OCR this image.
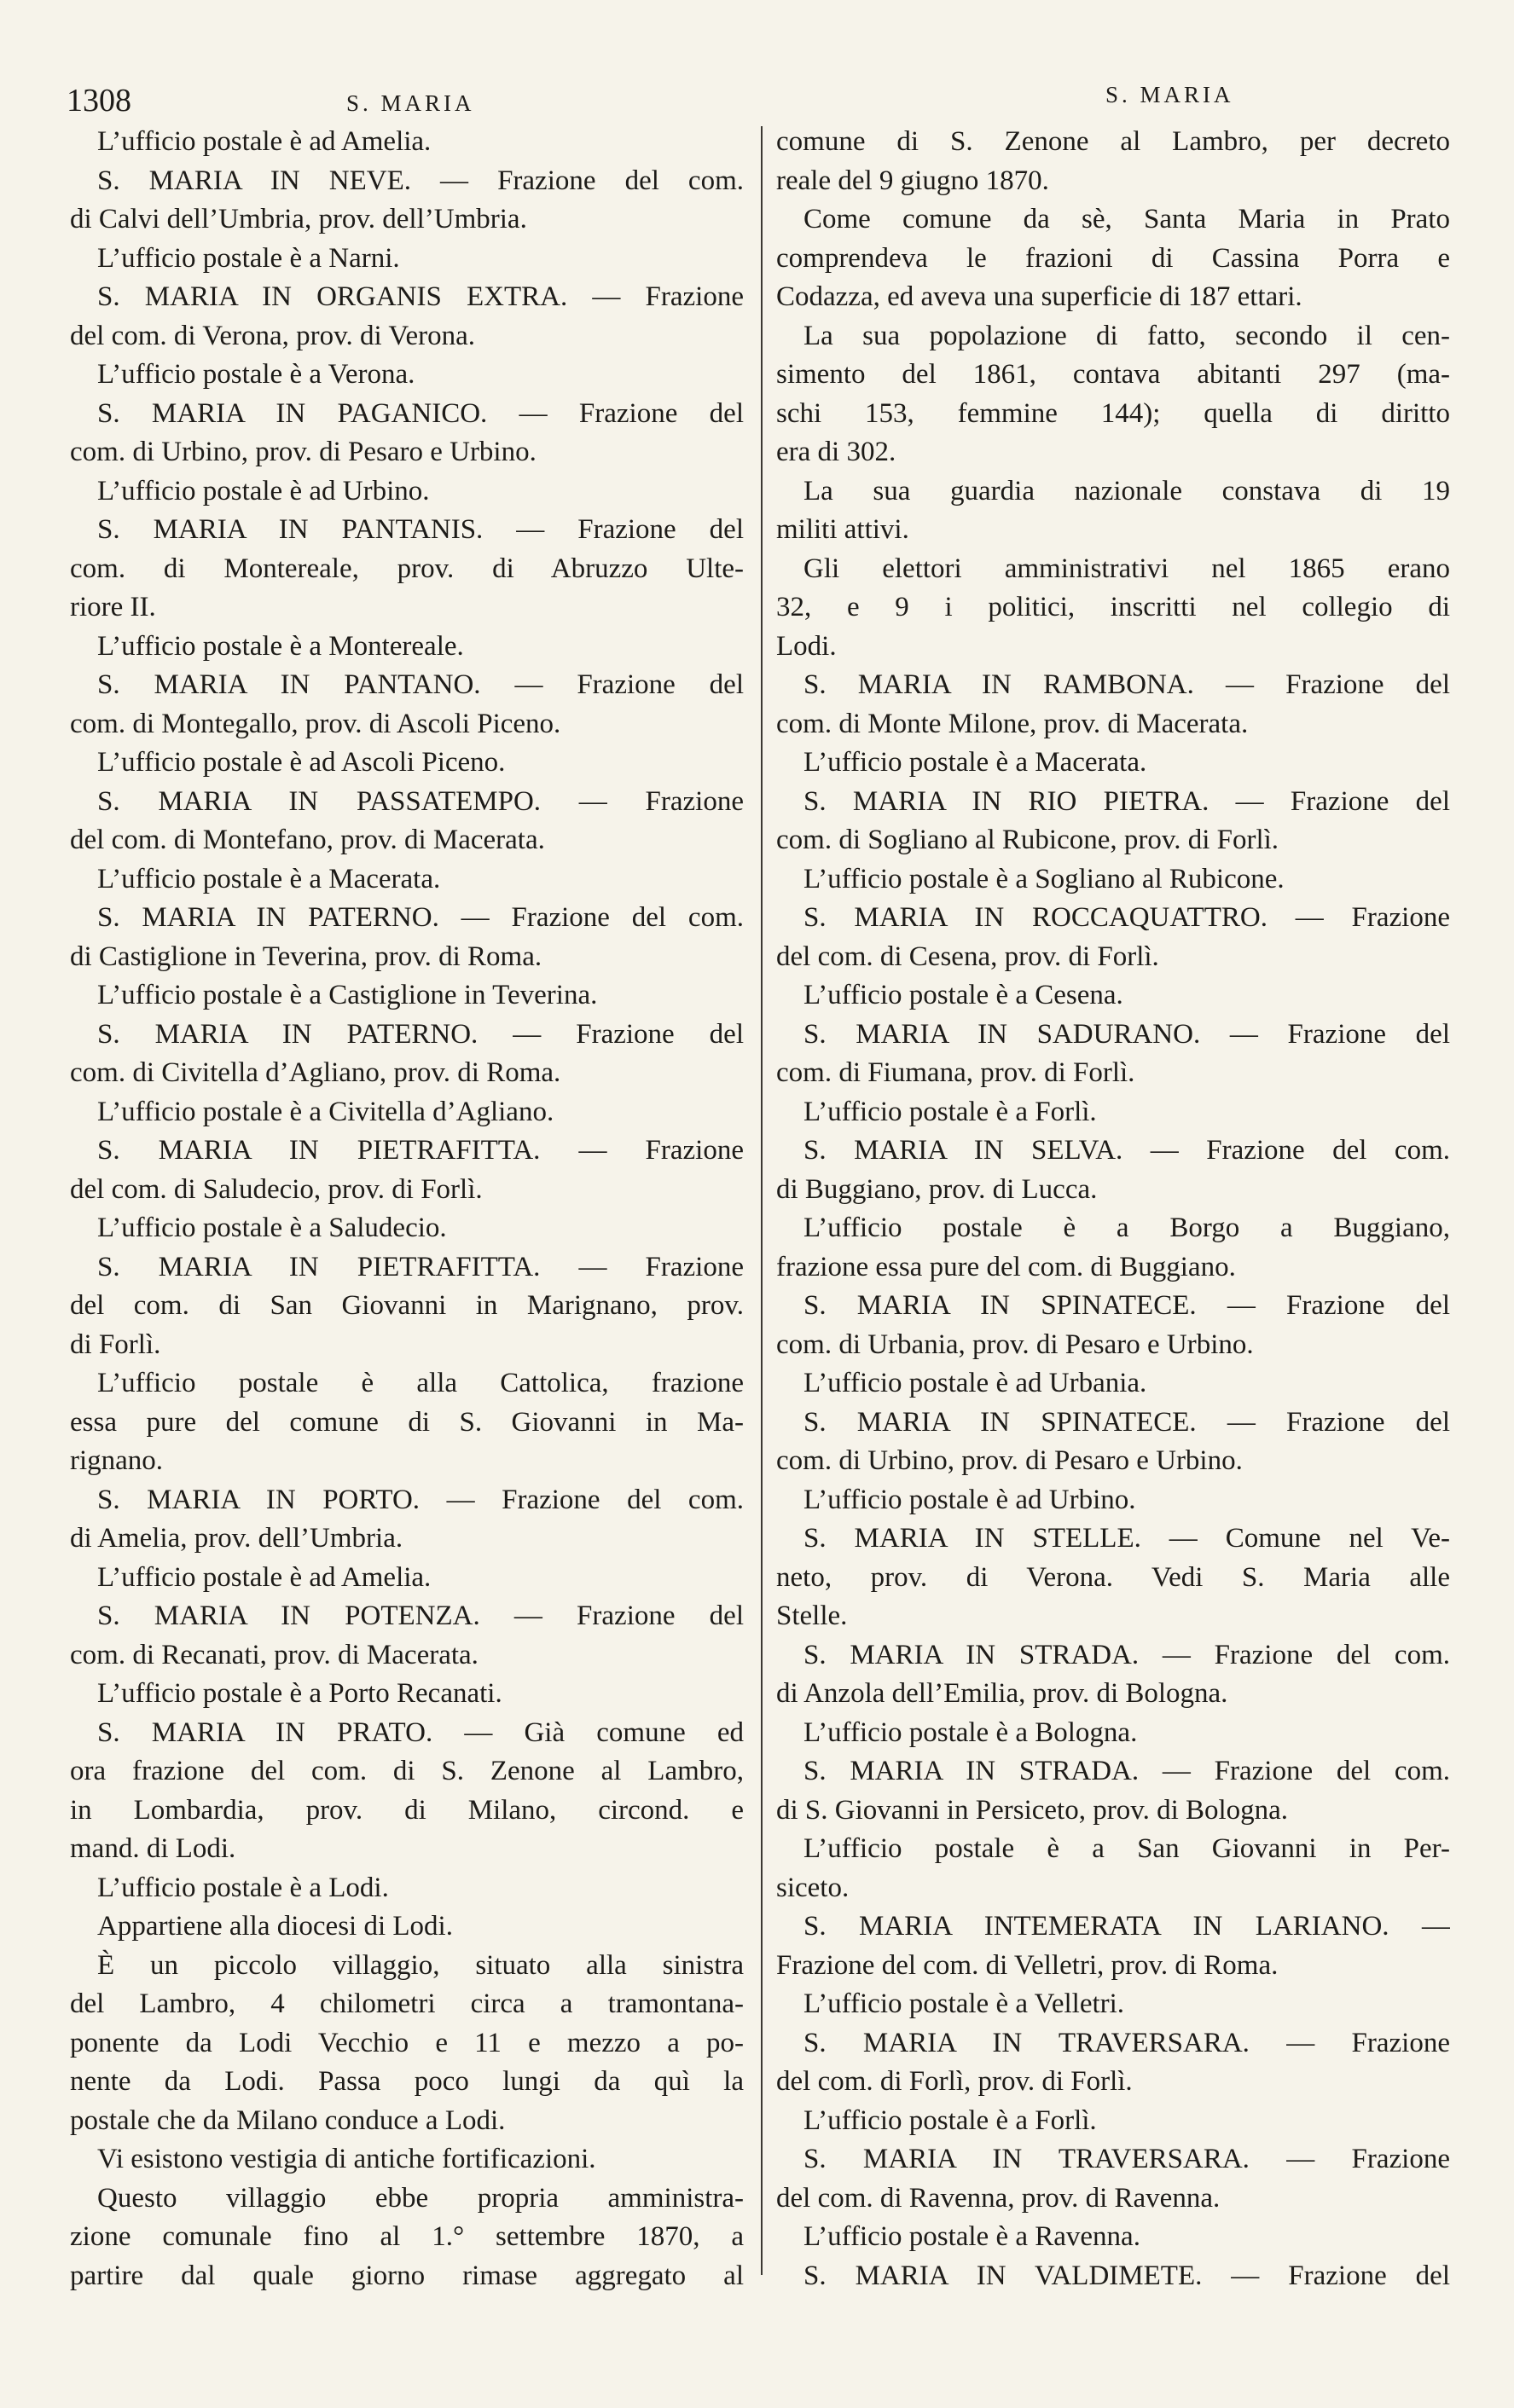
1308	S. MARIA	S. MARIA
L’ufficio postale è ad Amelia.
S. MARIA IN NEVE. — Frazione del com.
di Calvi dell’Umbria, prov. dell’Umbria.
L’ufficio postale è a Narni.
S. MARIA IN ORGANIS EXTRA. — Frazione
del com. di Verona, prov. di Verona.
L’ufficio postale è a Verona.
S. MARIA IN PAGANICO. — Frazione del
com. di Urbino, prov. di Pesaro e Urbino.
L’ufficio postale è ad Urbino.
S. MARIA IN PANTANIS. — Frazione del
com. di Montereale, prov. di Abruzzo Ulte-
riore II.
L’ufficio postale è a Montereale.
S. MARIA IN PANTANO. — Frazione del
com. di Montegallo, prov. di Ascoli Piceno.
L’ufficio postale è ad Ascoli Piceno.
S. MARIA IN PASSATEMPO. — Frazione
del com. di Montefano, prov. di Macerata.
L’ufficio postale è a Macerata.
S. MARIA IN PATERNO. — Frazione del com.
di Castiglione in Teverina, prov. di Roma.
L’ufficio postale è a Castiglione in Teverina.
S. MARIA IN PATERNO. — Frazione del
com. di Civitella d’Agliano, prov. di Roma.
L’ufficio postale è a Civitella d’Agliano.
S. MARIA IN PIETRAFITTA. — Frazione
del com. di Saludecio, prov. di Forlì.
L’ufficio postale è a Saludecio.
S. MARIA IN PIETRAFITTA. — Frazione
del com. di San Giovanni in Marignano, prov.
di Forlì.
L’ufficio postale è alla Cattolica, frazione
essa pure del comune di S. Giovanni in Ma-
rignano.
S. MARIA IN PORTO. — Frazione del com.
di Amelia, prov. dell’Umbria.
L’ufficio postale è ad Amelia.
S. MARIA IN POTENZA. — Frazione del
com. di Recanati, prov. di Macerata.
L’ufficio postale è a Porto Recanati.
S. MARIA IN PRATO. — Già comune ed
ora frazione del com. di S. Zenone al Lambro,
in Lombardia, prov. di Milano, circond. e
mand. di Lodi.
L’ufficio postale è a Lodi.
Appartiene alla diocesi di Lodi.
È un piccolo villaggio, situato alla sinistra
del Lambro, 4 chilometri circa a tramontana-
ponente da Lodi Vecchio e 11 e mezzo a po-
nente da Lodi. Passa poco lungi da quì la
postale che da Milano conduce a Lodi.
Vi esistono vestigia di antiche fortificazioni.
Questo villaggio ebbe propria amministra-
zione comunale fino al 1.° settembre 1870, a
partire dal quale giorno rimase aggregato al
comune di S. Zenone al Lambro, per decreto
reale del 9 giugno 1870.
Come comune da sè, Santa Maria in Prato
comprendeva le frazioni di Cassina Porra e
Codazza, ed aveva una superficie di 187 ettari.
La sua popolazione di fatto, secondo il cen-
simento del 1861, contava abitanti 297 (ma-
schi 153, femmine 144); quella di diritto
era di 302.
La sua guardia nazionale constava di 19
militi attivi.
Gli elettori amministrativi nel 1865 erano
32, e 9 i politici, inscritti nel collegio di
Lodi.
S. MARIA IN RAMBONA. — Frazione del
com. di Monte Milone, prov. di Macerata.
L’ufficio postale è a Macerata.
S. MARIA IN RIO PIETRA. — Frazione del
com. di Sogliano al Rubicone, prov. di Forlì.
L’ufficio postale è a Sogliano al Rubicone.
S. MARIA IN ROCCAQUATTRO. — Frazione
del com. di Cesena, prov. di Forlì.
L’ufficio postale è a Cesena.
S. MARIA IN SADURANO. — Frazione del
com. di Fiumana, prov. di Forlì.
L’ufficio postale è a Forlì.
S. MARIA IN SELVA. — Frazione del com.
di Buggiano, prov. di Lucca.
L’ufficio postale è a Borgo a Buggiano,
frazione essa pure del com. di Buggiano.
S. MARIA IN SPINATECE. — Frazione del
com. di Urbania, prov. di Pesaro e Urbino.
L’ufficio postale è ad Urbania.
S. MARIA IN SPINATECE. — Frazione del
com. di Urbino, prov. di Pesaro e Urbino.
L’ufficio postale è ad Urbino.
S. MARIA IN STELLE. — Comune nel Ve-
neto, prov. di Verona. Vedi S. Maria alle
Stelle.
S. MARIA IN STRADA. — Frazione del com.
di Anzola dell’Emilia, prov. di Bologna.
L’ufficio postale è a Bologna.
S. MARIA IN STRADA. — Frazione del com.
di S. Giovanni in Persiceto, prov. di Bologna.
L’ufficio postale è a San Giovanni in Per-
siceto.
S. MARIA INTEMERATA IN LARIANO. —
Frazione del com. di Velletri, prov. di Roma.
L’ufficio postale è a Velletri.
S. MARIA IN TRAVERSARA. — Frazione
del com. di Forlì, prov. di Forlì.
L’ufficio postale è a Forlì.
S. MARIA IN TRAVERSARA. — Frazione
del com. di Ravenna, prov. di Ravenna.
L’ufficio postale è a Ravenna.
S. MARIA IN VALDIMETE. — Frazione del
